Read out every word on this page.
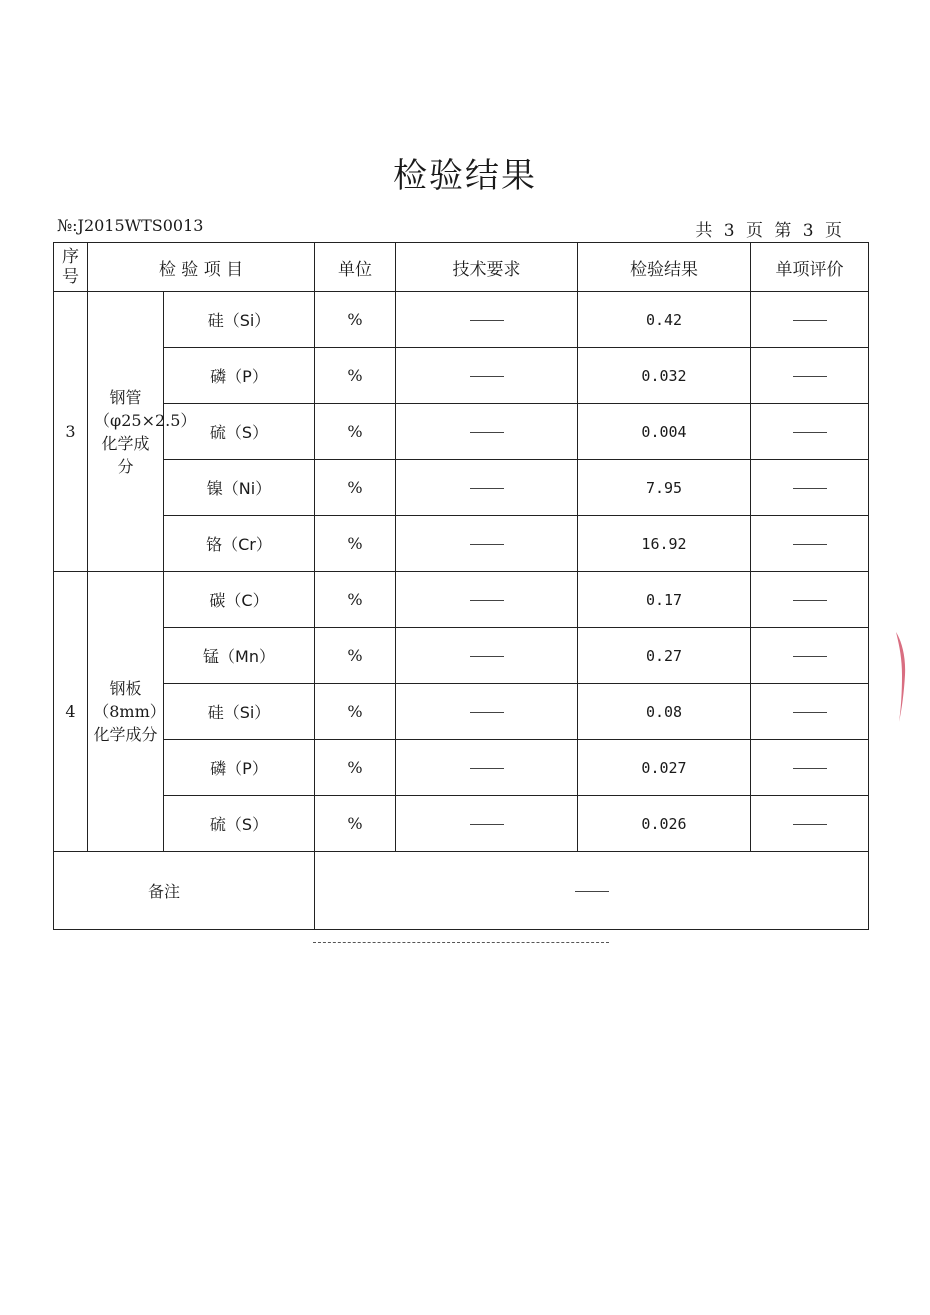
检验结果
№:J2015WTS0013	共 3 页 第 3 页
序号	检 验 项 目		单位	技术要求	检验结果	单项评价
3	钢管（φ25×2.5）化学成分	硅（Si）	%		0.42	
		磷（P）	%		0.032	
		硫（S）	%		0.004	
		镍（Ni）	%		7.95	
		铬（Cr）	%		16.92	
4	钢板（8mm）化学成分	碳（C）	%		0.17	
		锰（Mn）	%		0.27	
		硅（Si）	%		0.08	
		磷（P）	%		0.027	
		硫（S）	%		0.026	
备注						
